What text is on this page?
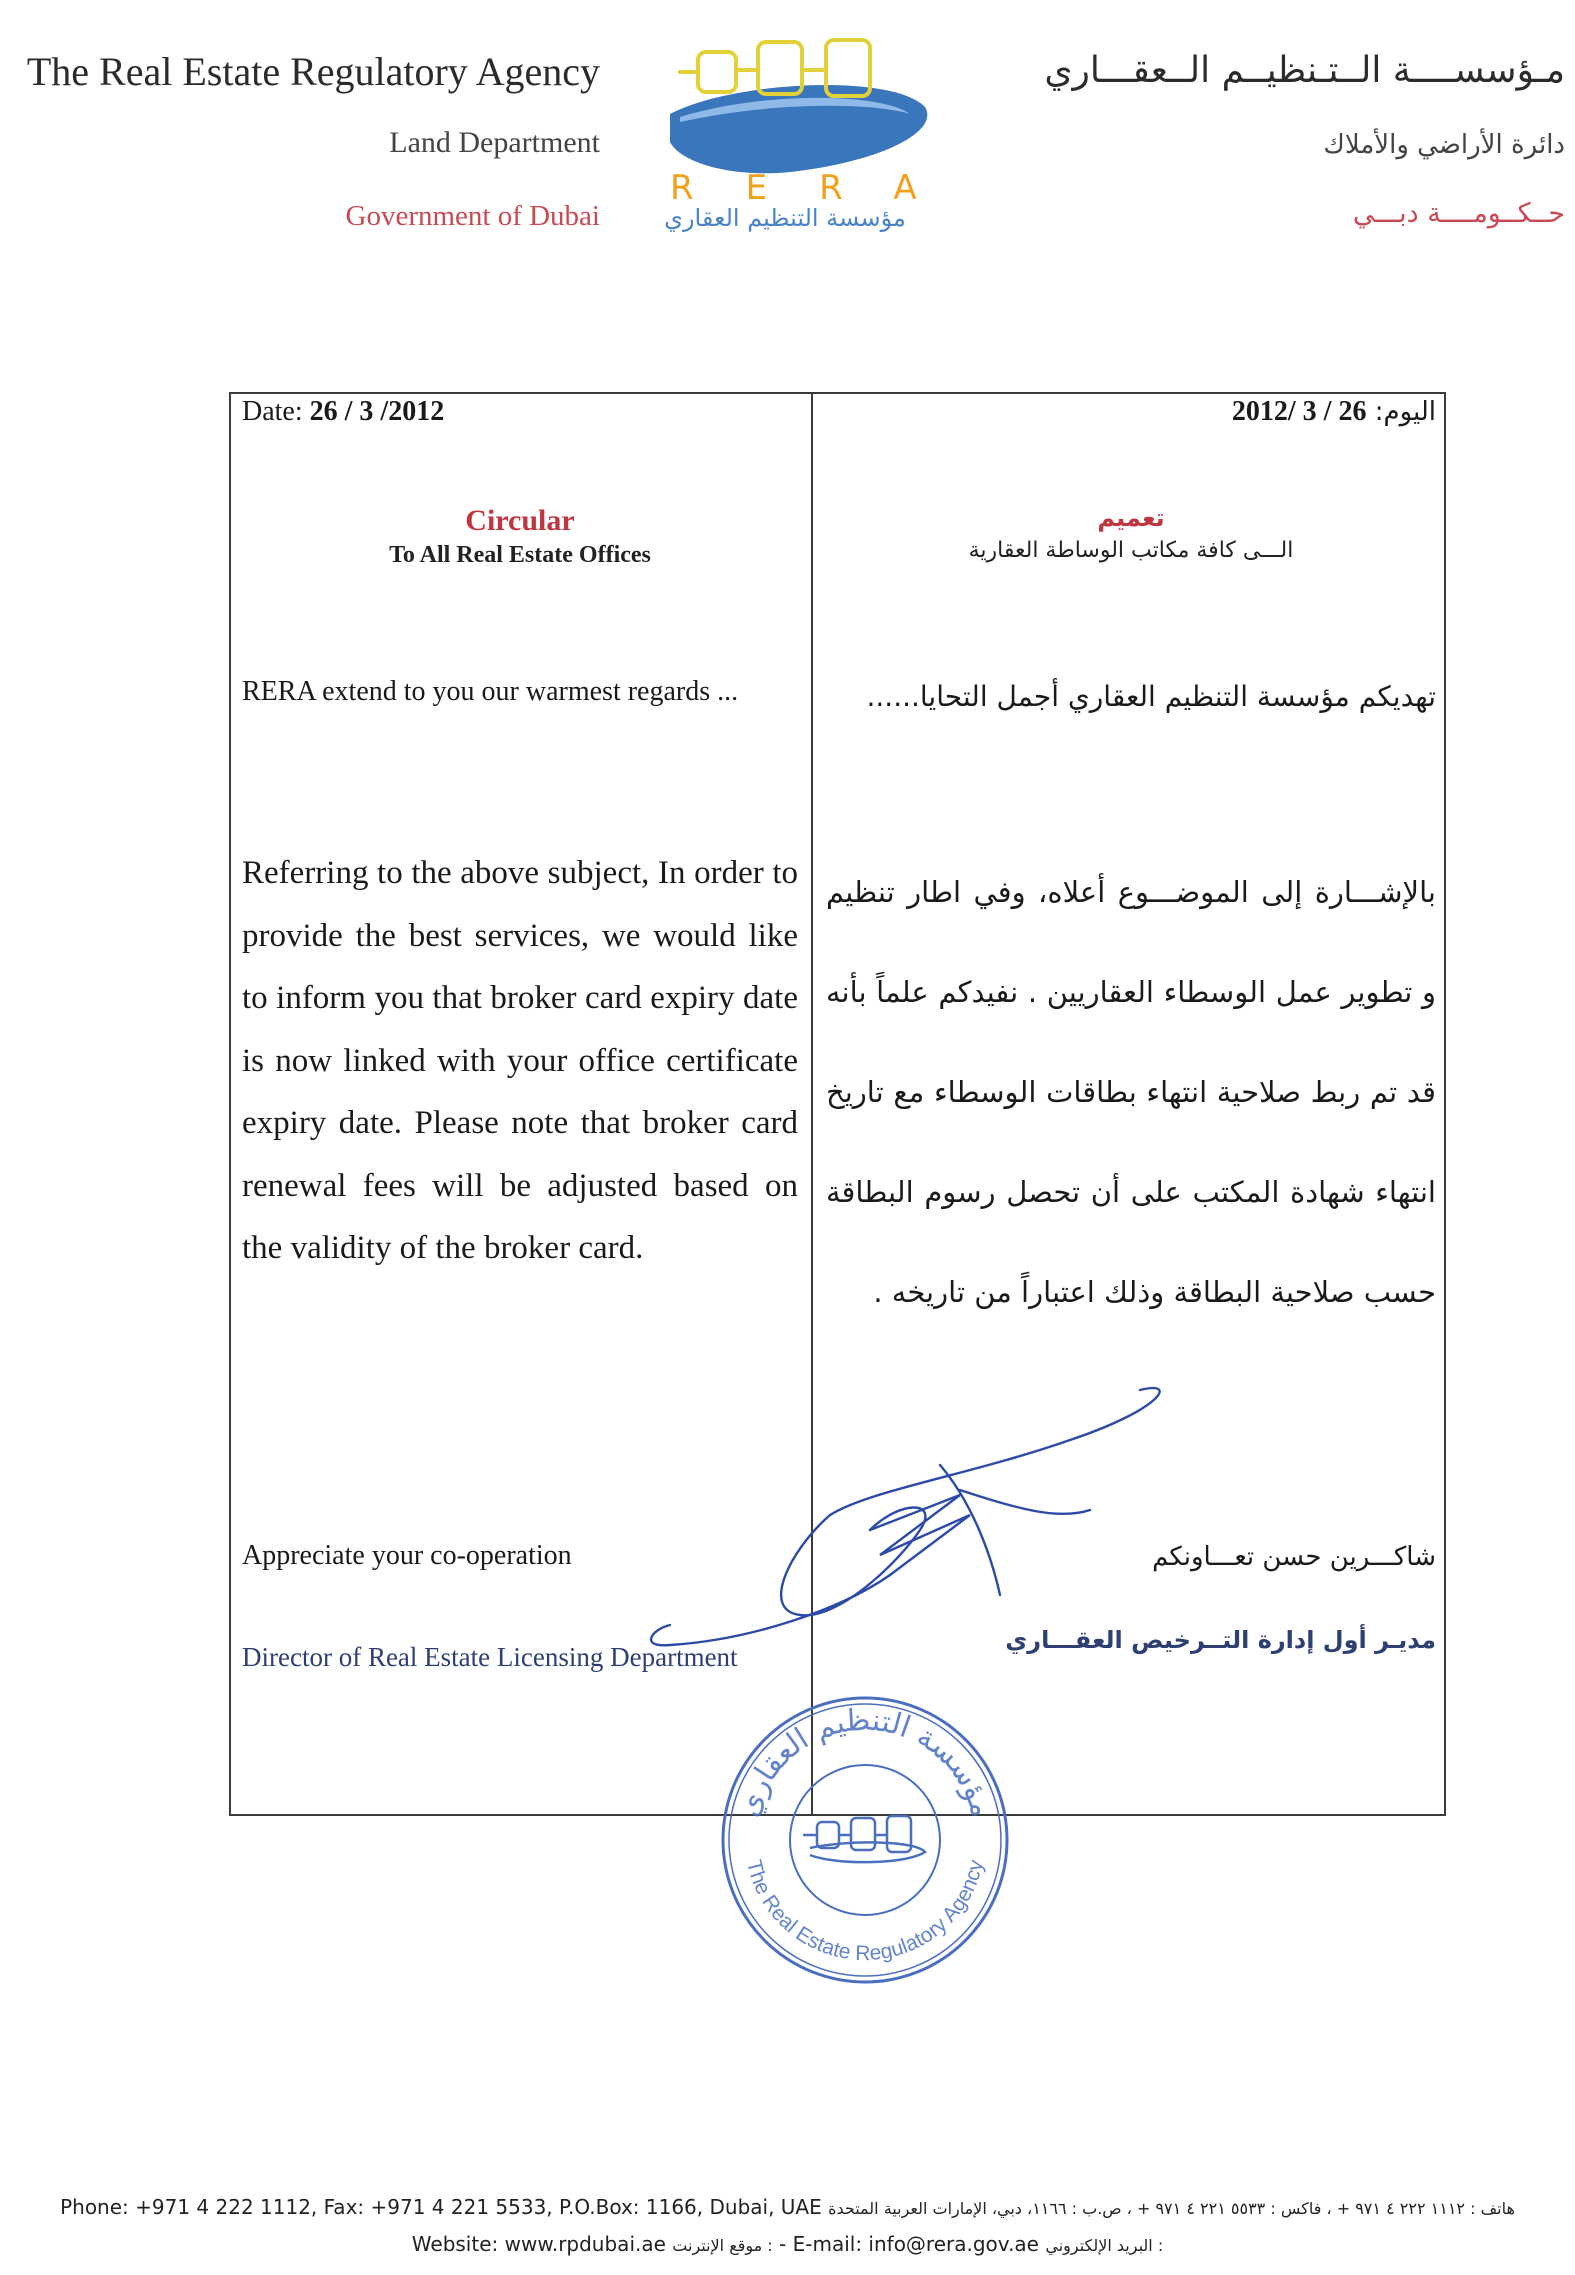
The Real Estate Regulatory Agency
Land Department
Government of Dubai
RERA
مؤسسة التنظيم العقاري
مـؤسســــة الــتـنظيــم الــعقـــاري
دائرة الأراضي والأملاك
حــكــومــــة دبـــي
Date: 26 / 3 /2012
Circular
To All Real Estate Offices
RERA extend to you our warmest regards ...
Referring to the above subject, In order to provide the best services, we would like to inform you that broker card expiry date is now linked with your office certificate expiry date. Please note that broker card renewal fees will be adjusted based on the validity of the broker card.
Appreciate your co-operation
Director of Real Estate Licensing Department
اليوم: 2012/ 3 / 26
تعميم
الـــى كافة مكاتب الوساطة العقارية
تهديكم مؤسسة التنظيم العقاري أجمل التحايا......
بالإشـــارة إلى الموضـــوع أعلاه، وفي اطار تنظيم و تطوير عمل الوسطاء العقاريين . نفيدكم علماً بأنه قد تم ربط صلاحية انتهاء بطاقات الوسطاء مع تاريخ انتهاء شهادة المكتب على أن تحصل رسوم البطاقة حسب صلاحية البطاقة وذلك اعتباراً من تاريخه .
شاكـــرين حسن تعـــاونكم
مديـر أول إدارة التــرخيص العقـــاري
مؤسسة التنظيم العقاري
The Real Estate Regulatory Agency
Phone: +971 4 222 1112, Fax: +971 4 221 5533, P.O.Box: 1166, Dubai, UAE هاتف : ١١١٢ ٢٢٢ ٤ ٩٧١ + ، فاكس : ٥٥٣٣ ٢٢١ ٤ ٩٧١ + ، ص.ب : ١١٦٦، دبي، الإمارات العربية المتحدة
Website: www.rpdubai.ae : موقع الإنترنت - E-mail: info@rera.gov.ae : البريد الإلكتروني
